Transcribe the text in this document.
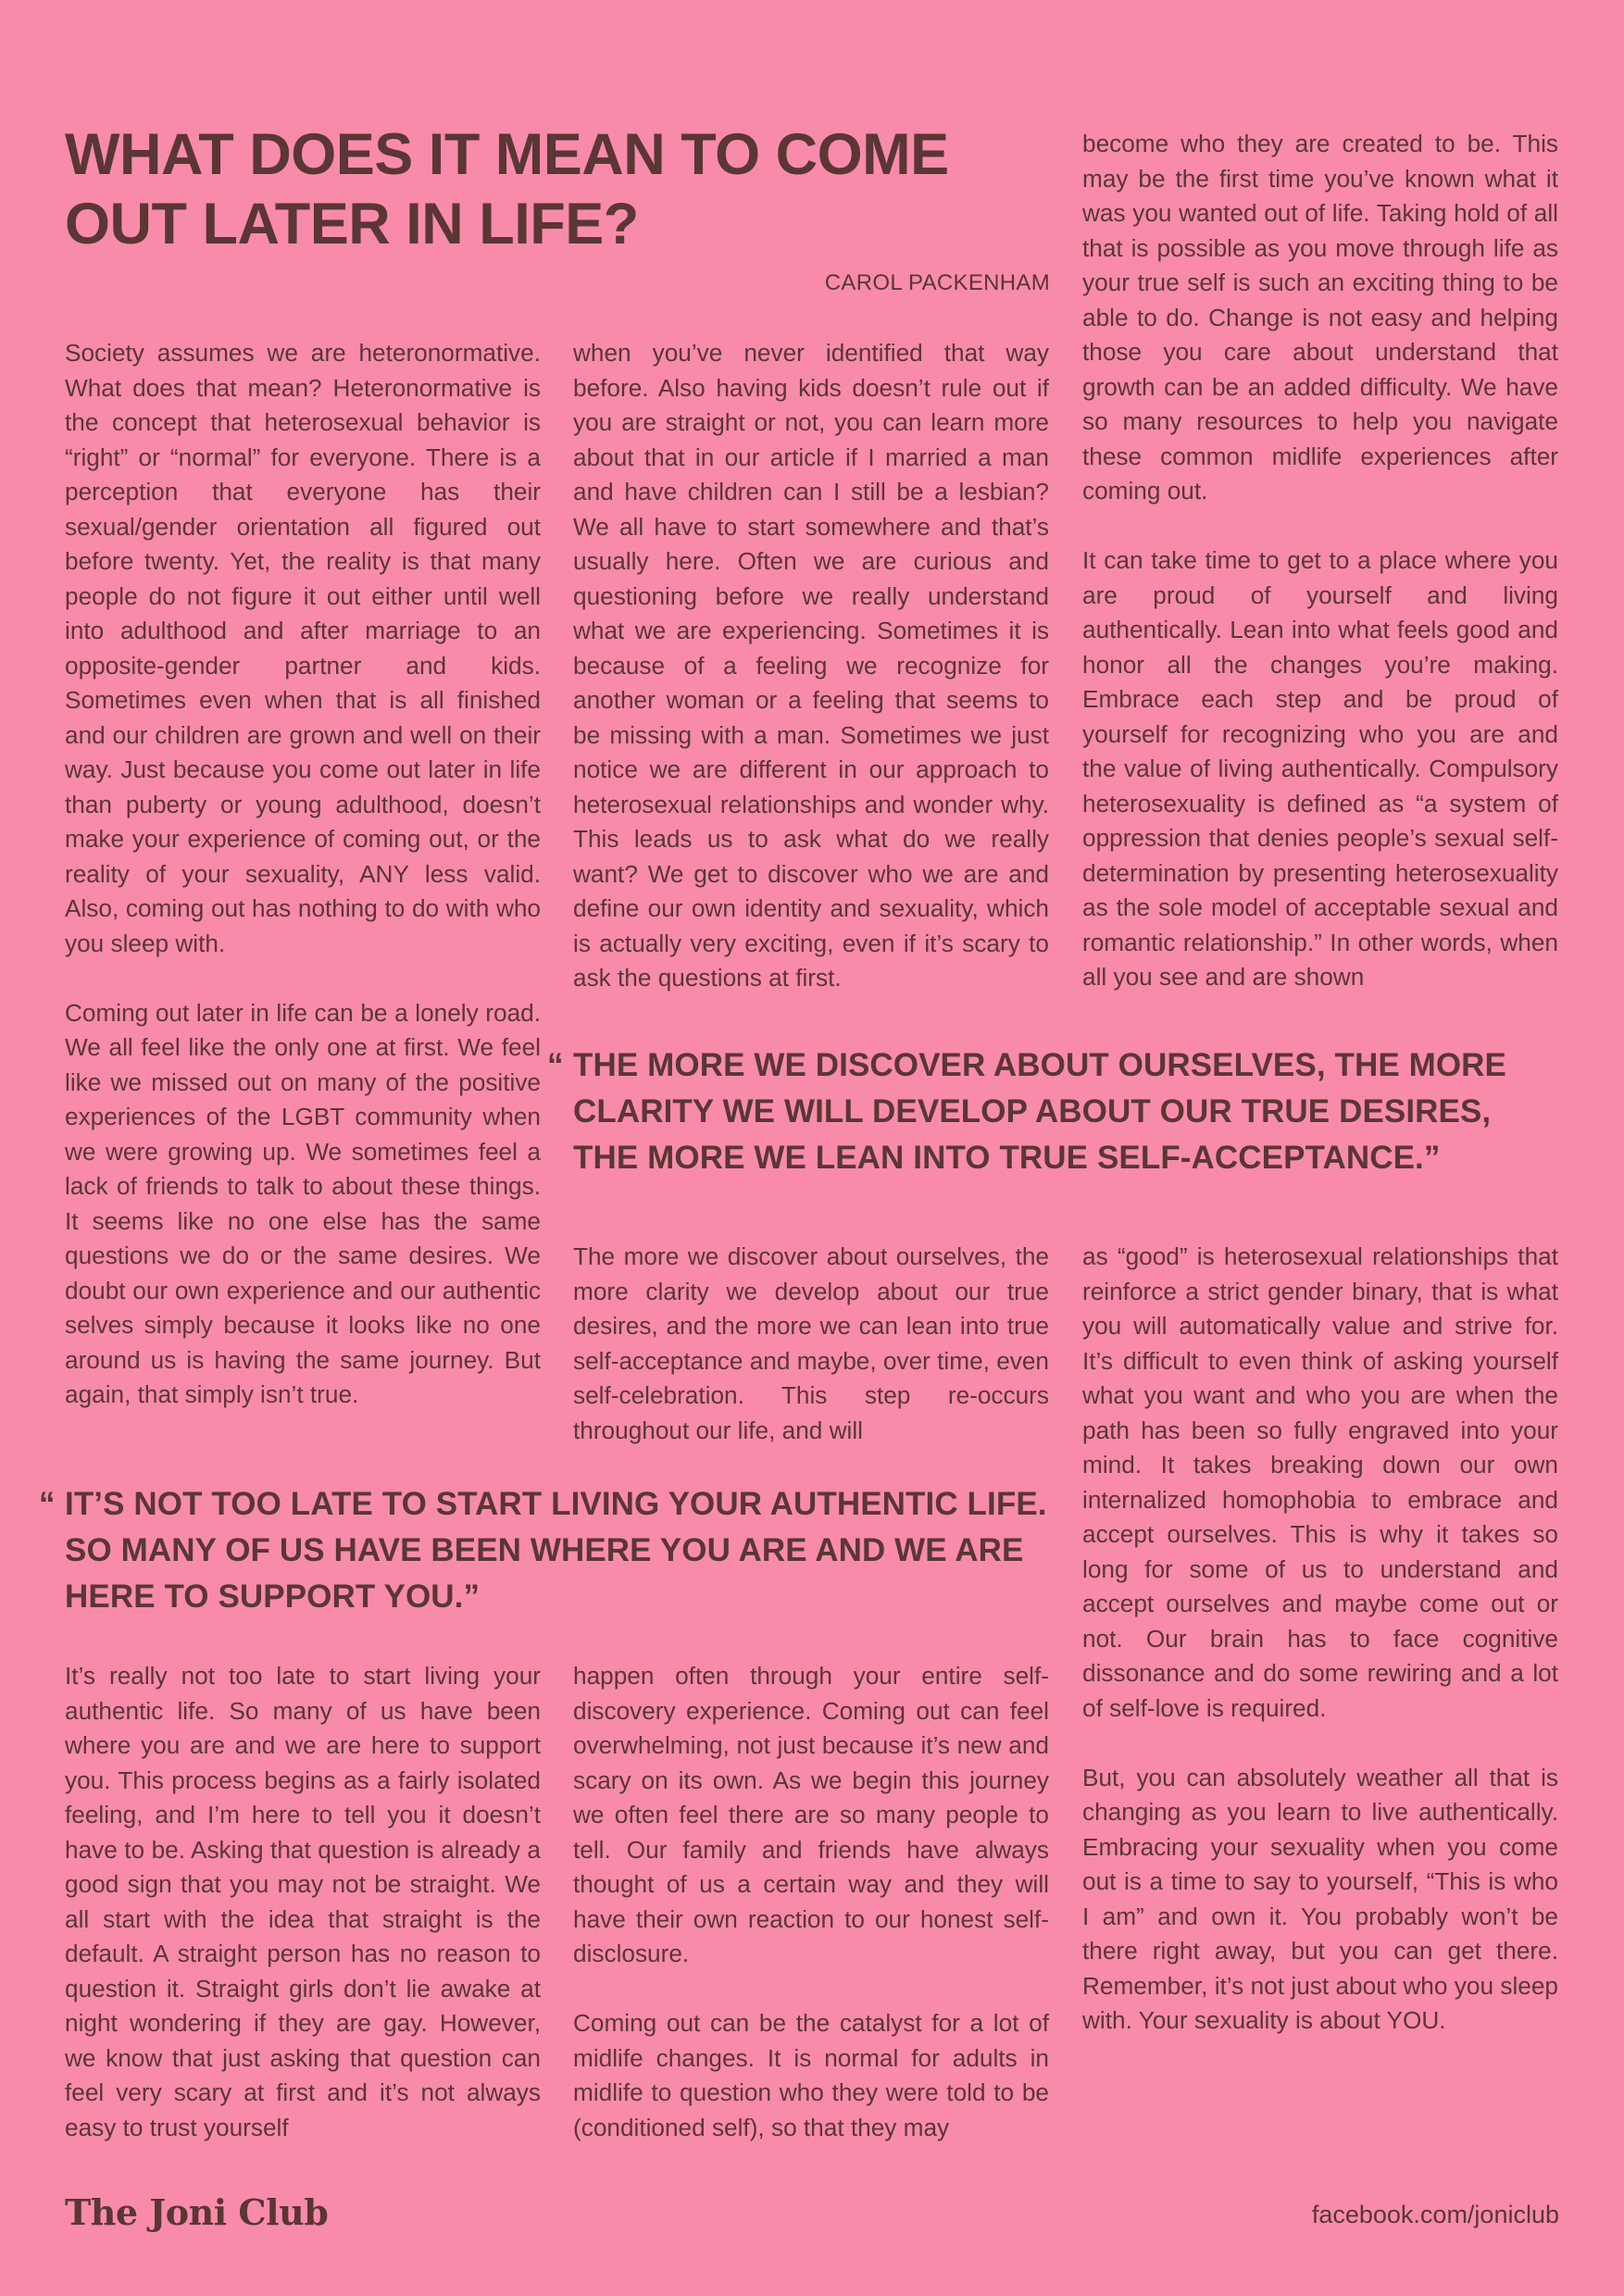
WHAT DOES IT MEAN TO COME OUT LATER IN LIFE?

CAROL PACKENHAM

Society assumes we are heteronormative. What does that mean? Heteronormative is the concept that heterosexual behavior is “right” or “normal” for everyone. There is a perception that everyone has their sexual/gender orientation all figured out before twenty. Yet, the reality is that many people do not figure it out either until well into adulthood and after marriage to an opposite-gender partner and kids. Sometimes even when that is all finished and our children are grown and well on their way. Just because you come out later in life than puberty or young adulthood, doesn’t make your experience of coming out, or the reality of your sexuality, ANY less valid. Also, coming out has nothing to do with who you sleep with.

Coming out later in life can be a lonely road. We all feel like the only one at first. We feel like we missed out on many of the positive experiences of the LGBT community when we were growing up. We sometimes feel a lack of friends to talk to about these things. It seems like no one else has the same questions we do or the same desires. We doubt our own experience and our authentic selves simply because it looks like no one around us is having the same journey. But again, that simply isn’t true.

It’s really not too late to start living your authentic life. So many of us have been where you are and we are here to support you. This process begins as a fairly isolated feeling, and I’m here to tell you it doesn’t have to be. Asking that question is already a good sign that you may not be straight. We all start with the idea that straight is the default. A straight person has no reason to question it. Straight girls don’t lie awake at night wondering if they are gay. However, we know that just asking that question can feel very scary at first and it’s not always easy to trust yourself

when you’ve never identified that way before. Also having kids doesn’t rule out if you are straight or not, you can learn more about that in our article if I married a man and have children can I still be a lesbian? We all have to start somewhere and that’s usually here. Often we are curious and questioning before we really understand what we are experiencing. Sometimes it is because of a feeling we recognize for another woman or a feeling that seems to be missing with a man. Sometimes we just notice we are different in our approach to heterosexual relationships and wonder why. This leads us to ask what do we really want? We get to discover who we are and define our own identity and sexuality, which is actually very exciting, even if it’s scary to ask the questions at first.

The more we discover about ourselves, the more clarity we develop about our true desires, and the more we can lean into true self-acceptance and maybe, over time, even self-celebration. This step re-occurs throughout our life, and will

happen often through your entire self-discovery experience. Coming out can feel overwhelming, not just because it’s new and scary on its own. As we begin this journey we often feel there are so many people to tell. Our family and friends have always thought of us a certain way and they will have their own reaction to our honest self-disclosure.

Coming out can be the catalyst for a lot of midlife changes. It is normal for adults in midlife to question who they were told to be (conditioned self), so that they may

become who they are created to be. This may be the first time you’ve known what it was you wanted out of life. Taking hold of all that is possible as you move through life as your true self is such an exciting thing to be able to do. Change is not easy and helping those you care about understand that growth can be an added difficulty. We have so many resources to help you navigate these common midlife experiences after coming out.

It can take time to get to a place where you are proud of yourself and living authentically. Lean into what feels good and honor all the changes you’re making. Embrace each step and be proud of yourself for recognizing who you are and the value of living authentically. Compulsory heterosexuality is defined as “a system of oppression that denies people’s sexual self-determination by presenting heterosexuality as the sole model of acceptable sexual and romantic relationship.” In other words, when all you see and are shown

as “good” is heterosexual relationships that reinforce a strict gender binary, that is what you will automatically value and strive for. It’s difficult to even think of asking yourself what you want and who you are when the path has been so fully engraved into your mind. It takes breaking down our own internalized homophobia to embrace and accept ourselves. This is why it takes so long for some of us to understand and accept ourselves and maybe come out or not. Our brain has to face cognitive dissonance and do some rewiring and a lot of self-love is required.

But, you can absolutely weather all that is changing as you learn to live authentically. Embracing your sexuality when you come out is a time to say to yourself, “This is who I am” and own it. You probably won’t be there right away, but you can get there. Remember, it’s not just about who you sleep with. Your sexuality is about YOU.

“ THE MORE WE DISCOVER ABOUT OURSELVES, THE MORE CLARITY WE WILL DEVELOP ABOUT OUR TRUE DESIRES, THE MORE WE LEAN INTO TRUE SELF-ACCEPTANCE.”
“ IT’S NOT TOO LATE TO START LIVING YOUR AUTHENTIC LIFE. SO MANY OF US HAVE BEEN WHERE YOU ARE AND WE ARE HERE TO SUPPORT YOU.”

The Joni Club	facebook.com/joniclub
